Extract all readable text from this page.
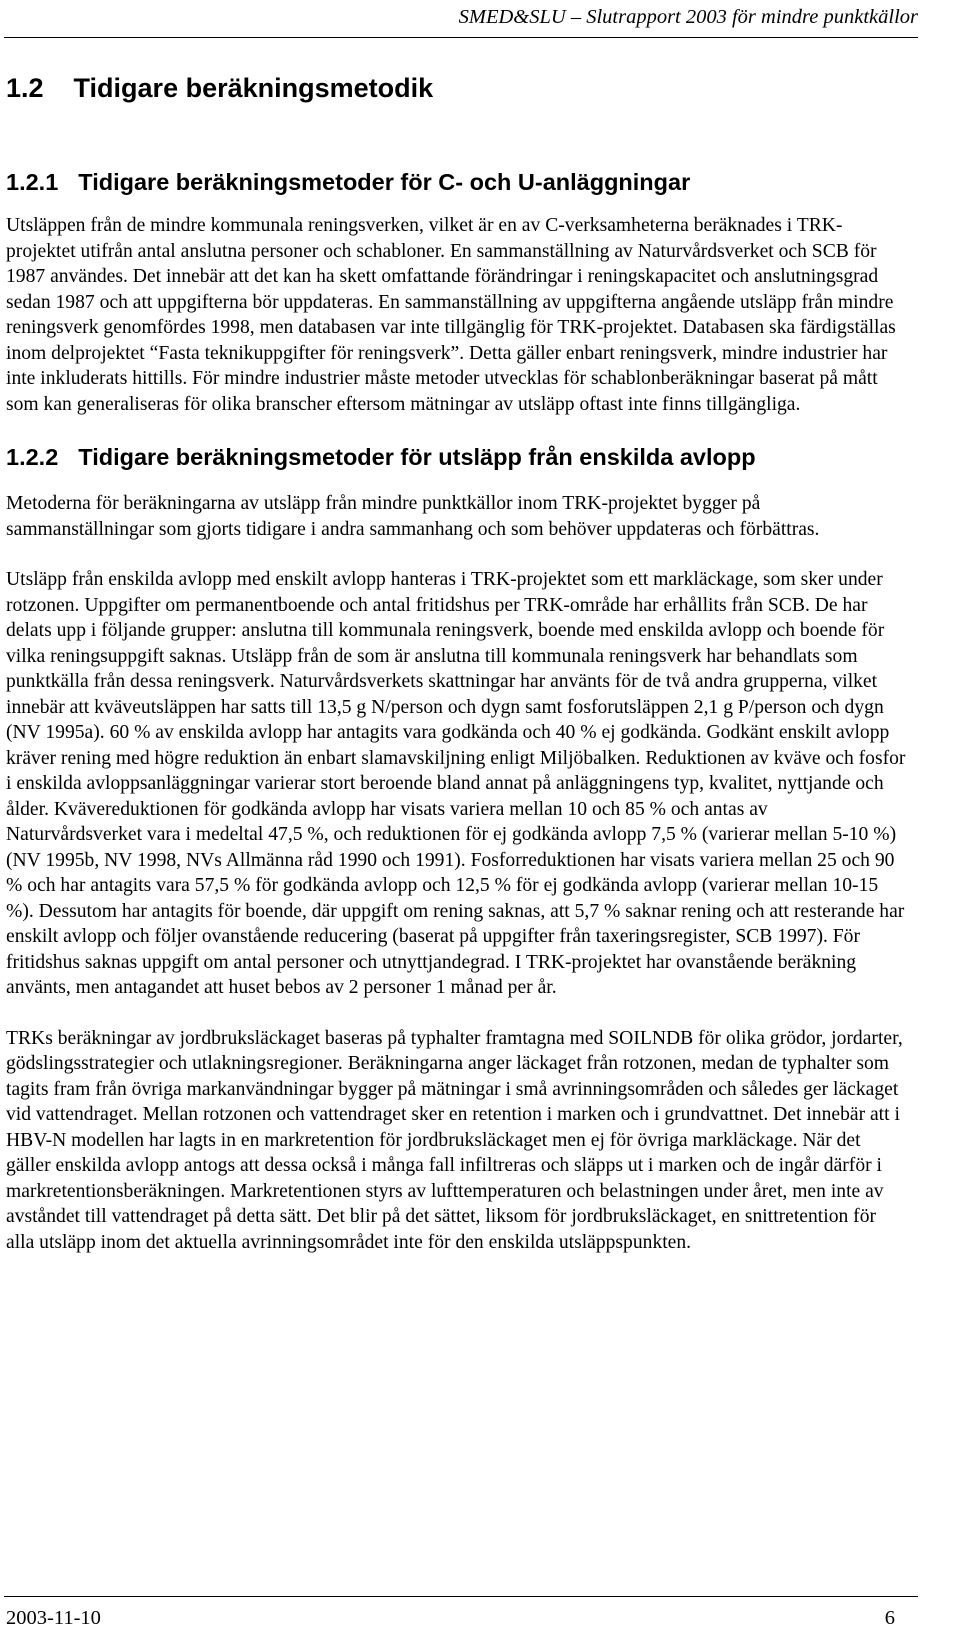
SMED&SLU – Slutrapport 2003 för mindre punktkällor
1.2 Tidigare beräkningsmetodik
1.2.1 Tidigare beräkningsmetoder för C- och U-anläggningar

Utsläppen från de mindre kommunala reningsverken, vilket är en av C-verksamheterna beräknades i TRK-projektet utifrån antal anslutna personer och schabloner. En sammanställning av Naturvårdsverket och SCB för 1987 användes. Det innebär att det kan ha skett omfattande förändringar i reningskapacitet och anslutningsgrad sedan 1987 och att uppgifterna bör uppdateras. En sammanställning av uppgifterna angående utsläpp från mindre reningsverk genomfördes 1998, men databasen var inte tillgänglig för TRK-projektet. Databasen ska färdigställas inom delprojektet “Fasta teknikuppgifter för reningsverk”. Detta gäller enbart reningsverk, mindre industrier har inte inkluderats hittills. För mindre industrier måste metoder utvecklas för schablonberäkningar baserat på mått som kan generaliseras för olika branscher eftersom mätningar av utsläpp oftast inte finns tillgängliga.

1.2.2 Tidigare beräkningsmetoder för utsläpp från enskilda avlopp

Metoderna för beräkningarna av utsläpp från mindre punktkällor inom TRK-projektet bygger på sammanställningar som gjorts tidigare i andra sammanhang och som behöver uppdateras och förbättras.

Utsläpp från enskilda avlopp med enskilt avlopp hanteras i TRK-projektet som ett markläckage, som sker under rotzonen. Uppgifter om permanentboende och antal fritidshus per TRK-område har erhållits från SCB. De har delats upp i följande grupper: anslutna till kommunala reningsverk, boende med enskilda avlopp och boende för vilka reningsuppgift saknas. Utsläpp från de som är anslutna till kommunala reningsverk har behandlats som punktkälla från dessa reningsverk. Naturvårdsverkets skattningar har använts för de två andra grupperna, vilket innebär att kväveutsläppen har satts till 13,5 g N/person och dygn samt fosforutsläppen 2,1 g P/person och dygn (NV 1995a). 60 % av enskilda avlopp har antagits vara godkända och 40 % ej godkända. Godkänt enskilt avlopp kräver rening med högre reduktion än enbart slamavskiljning enligt Miljöbalken. Reduktionen av kväve och fosfor i enskilda avloppsanläggningar varierar stort beroende bland annat på anläggningens typ, kvalitet, nyttjande och ålder. Kvävereduktionen för godkända avlopp har visats variera mellan 10 och 85 % och antas av Naturvårdsverket vara i medeltal 47,5 %, och reduktionen för ej godkända avlopp 7,5 % (varierar mellan 5-10 %)(NV 1995b, NV 1998, NVs Allmänna råd 1990 och 1991). Fosforreduktionen har visats variera mellan 25 och 90 % och har antagits vara 57,5 % för godkända avlopp och 12,5 % för ej godkända avlopp (varierar mellan 10-15 %). Dessutom har antagits för boende, där uppgift om rening saknas, att 5,7 % saknar rening och att resterande har enskilt avlopp och följer ovanstående reducering (baserat på uppgifter från taxeringsregister, SCB 1997). För fritidshus saknas uppgift om antal personer och utnyttjandegrad. I TRK-projektet har ovanstående beräkning använts, men antagandet att huset bebos av 2 personer 1 månad per år.

TRKs beräkningar av jordbruksläckaget baseras på typhalter framtagna med SOILNDB för olika grödor, jordarter, gödslingsstrategier och utlakningsregioner. Beräkningarna anger läckaget från rotzonen, medan de typhalter som tagits fram från övriga markanvändningar bygger på mätningar i små avrinningsområden och således ger läckaget vid vattendraget. Mellan rotzonen och vattendraget sker en retention i marken och i grundvattnet. Det innebär att i HBV-N modellen har lagts in en markretention för jordbruksläckaget men ej för övriga markläckage. När det gäller enskilda avlopp antogs att dessa också i många fall infiltreras och släpps ut i marken och de ingår därför i markretentionsberäkningen. Markretentionen styrs av lufttemperaturen och belastningen under året, men inte av avståndet till vattendraget på detta sätt. Det blir på det sättet, liksom för jordbruksläckaget, en snittretention för alla utsläpp inom det aktuella avrinningsområdet inte för den enskilda utsläppspunkten.

2003-11-10	6
